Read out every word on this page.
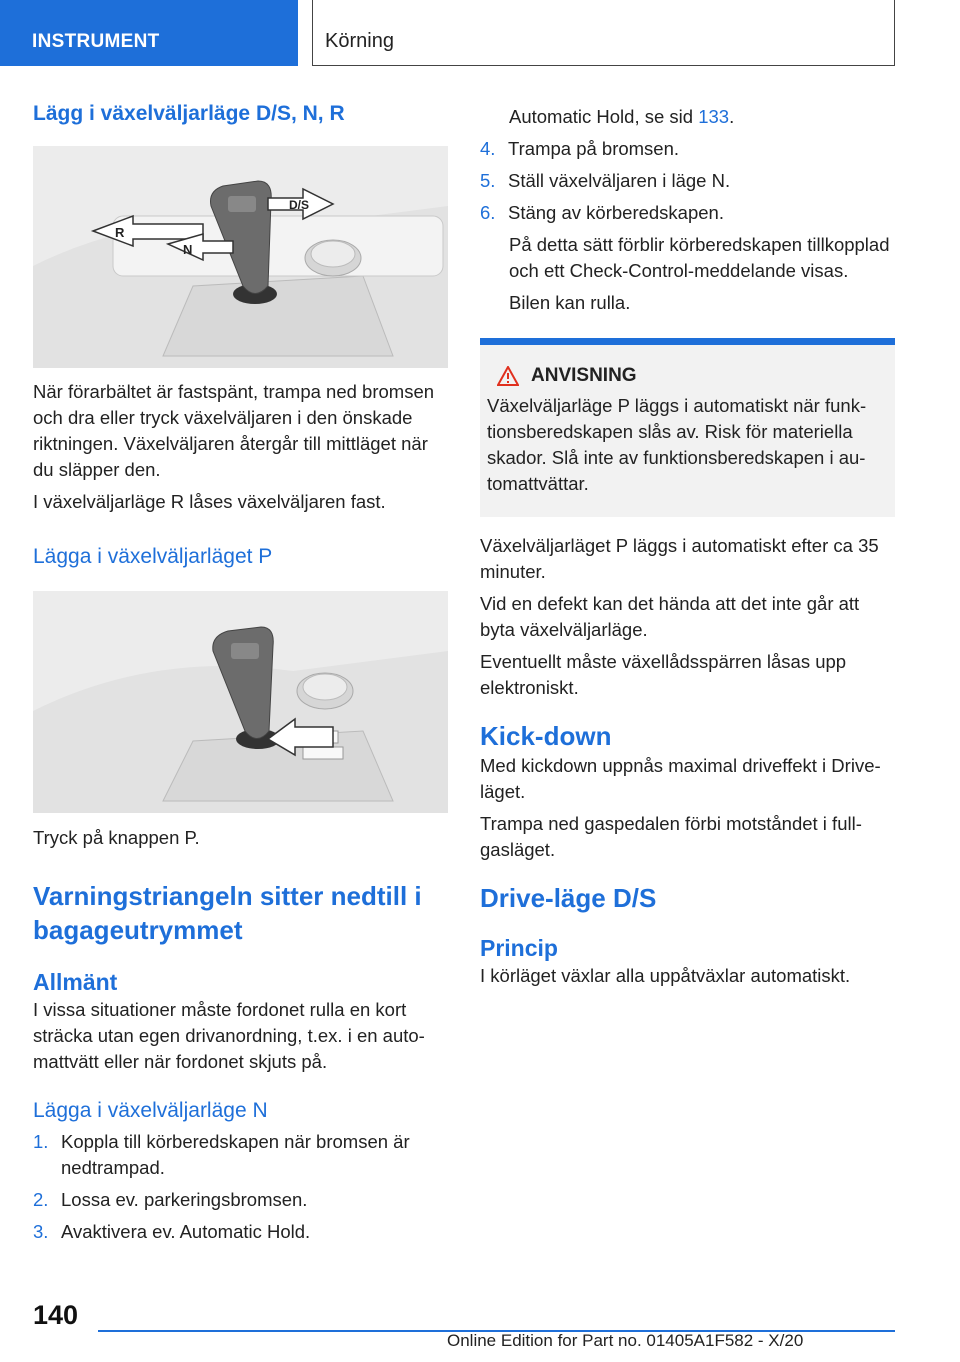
INSTRUMENT	Körning
Lägg i växelväljarläge D/S, N, R
R
N
D/S

När förarbältet är fastspänt, trampa ned bromsen och dra eller tryck växelväljaren i den önskade riktningen. Växelväljaren återgår till mittläget när du släpper den.

I växelväljarläge R låses växelväljaren fast.

Lägga i växelväljarläget P

Tryck på knappen P.

Varningstriangeln sitter nedtill i bagageutrymmet
Allmänt

I vissa situationer måste fordonet rulla en kort sträcka utan egen drivanordning, t.ex. i en automattvätt eller när fordonet skjuts på.

Lägga i växelväljarläge N
1. Koppla till körberedskapen när bromsen är nedtrampad.
2. Lossa ev. parkeringsbromsen.
3. Avaktivera ev. Automatic Hold.

Automatic Hold, se sid 133.

4. Trampa på bromsen.
5. Ställ växelväljaren i läge N.
6. Stäng av körberedskapen.

På detta sätt förblir körberedskapen tillkopplad och ett Check-Control-meddelande visas.

Bilen kan rulla.

ANVISNING
Växelväljarläge P läggs i automatiskt när funktionsberedskapen slås av. Risk för materiella skador. Slå inte av funktionsberedskapen i automattvättar.

Växelväljarläget P läggs i automatiskt efter ca 35 minuter.

Vid en defekt kan det hända att det inte går att byta växelväljarläge.

Eventuellt måste växellådsspärren låsas upp elektroniskt.

Kick-down

Med kickdown uppnås maximal driveffekt i Drive-läget.

Trampa ned gaspedalen förbi motståndet i fullgasläget.

Drive-läge D/S
Princip

I körläget växlar alla uppåtväxlar automatiskt.

140
Online Edition for Part no. 01405A1F582 - X/20
